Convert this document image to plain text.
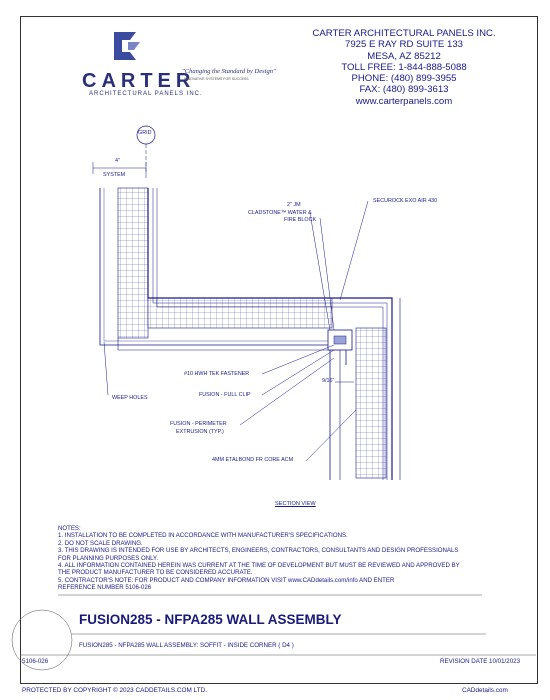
CARTER
ARCHITECTURAL PANELS INC.
"Changing the Standard by Design"
INNOVATIVE SYSTEMS FOR SUCCESS
CARTER ARCHITECTURAL PANELS INC.
7925 E RAY RD SUITE 133
MESA, AZ 85212
TOLL FREE: 1-844-888-5088
PHONE: (480) 899-3955
FAX: (480) 899-3613
www.carterpanels.com
GRID
4"
SYSTEM
2" JM
CLADSTONE™ WATER &
FIRE BLOCK
SECUROCK EXO AIR 430
#10 HWH TEK FASTENER
FUSION - FULL CLIP
WEEP HOLES
9/16"
FUSION - PERIMETER
EXTRUSION (TYP.)
4MM ETALBOND FR CORE ACM
SECTION VIEW
NOTES:
1. INSTALLATION TO BE COMPLETED IN ACCORDANCE WITH MANUFACTURER'S SPECIFICATIONS.
2. DO NOT SCALE DRAWING.
3. THIS DRAWING IS INTENDED FOR USE BY ARCHITECTS, ENGINEERS, CONTRACTORS, CONSULTANTS AND DESIGN PROFESSIONALS
FOR PLANNING PURPOSES ONLY.
4. ALL INFORMATION CONTAINED HEREIN WAS CURRENT AT THE TIME OF DEVELOPMENT BUT MUST BE REVIEWED AND APPROVED BY
THE PRODUCT MANUFACTURER TO BE CONSIDERED ACCURATE.
5. CONTRACTOR'S NOTE: FOR PRODUCT AND COMPANY INFORMATION VISIT www.CADdetails.com/info AND ENTER
REFERENCE NUMBER 5106-026
FUSION285 - NFPA285 WALL ASSEMBLY
FUSION285 - NFPA285 WALL ASSEMBLY: SOFFIT - INSIDE CORNER ( D4 )
5106-026	REVISION DATE 10/01/2023
PROTECTED BY COPYRIGHT © 2023 CADDETAILS.COM LTD.	CADdetails.com
